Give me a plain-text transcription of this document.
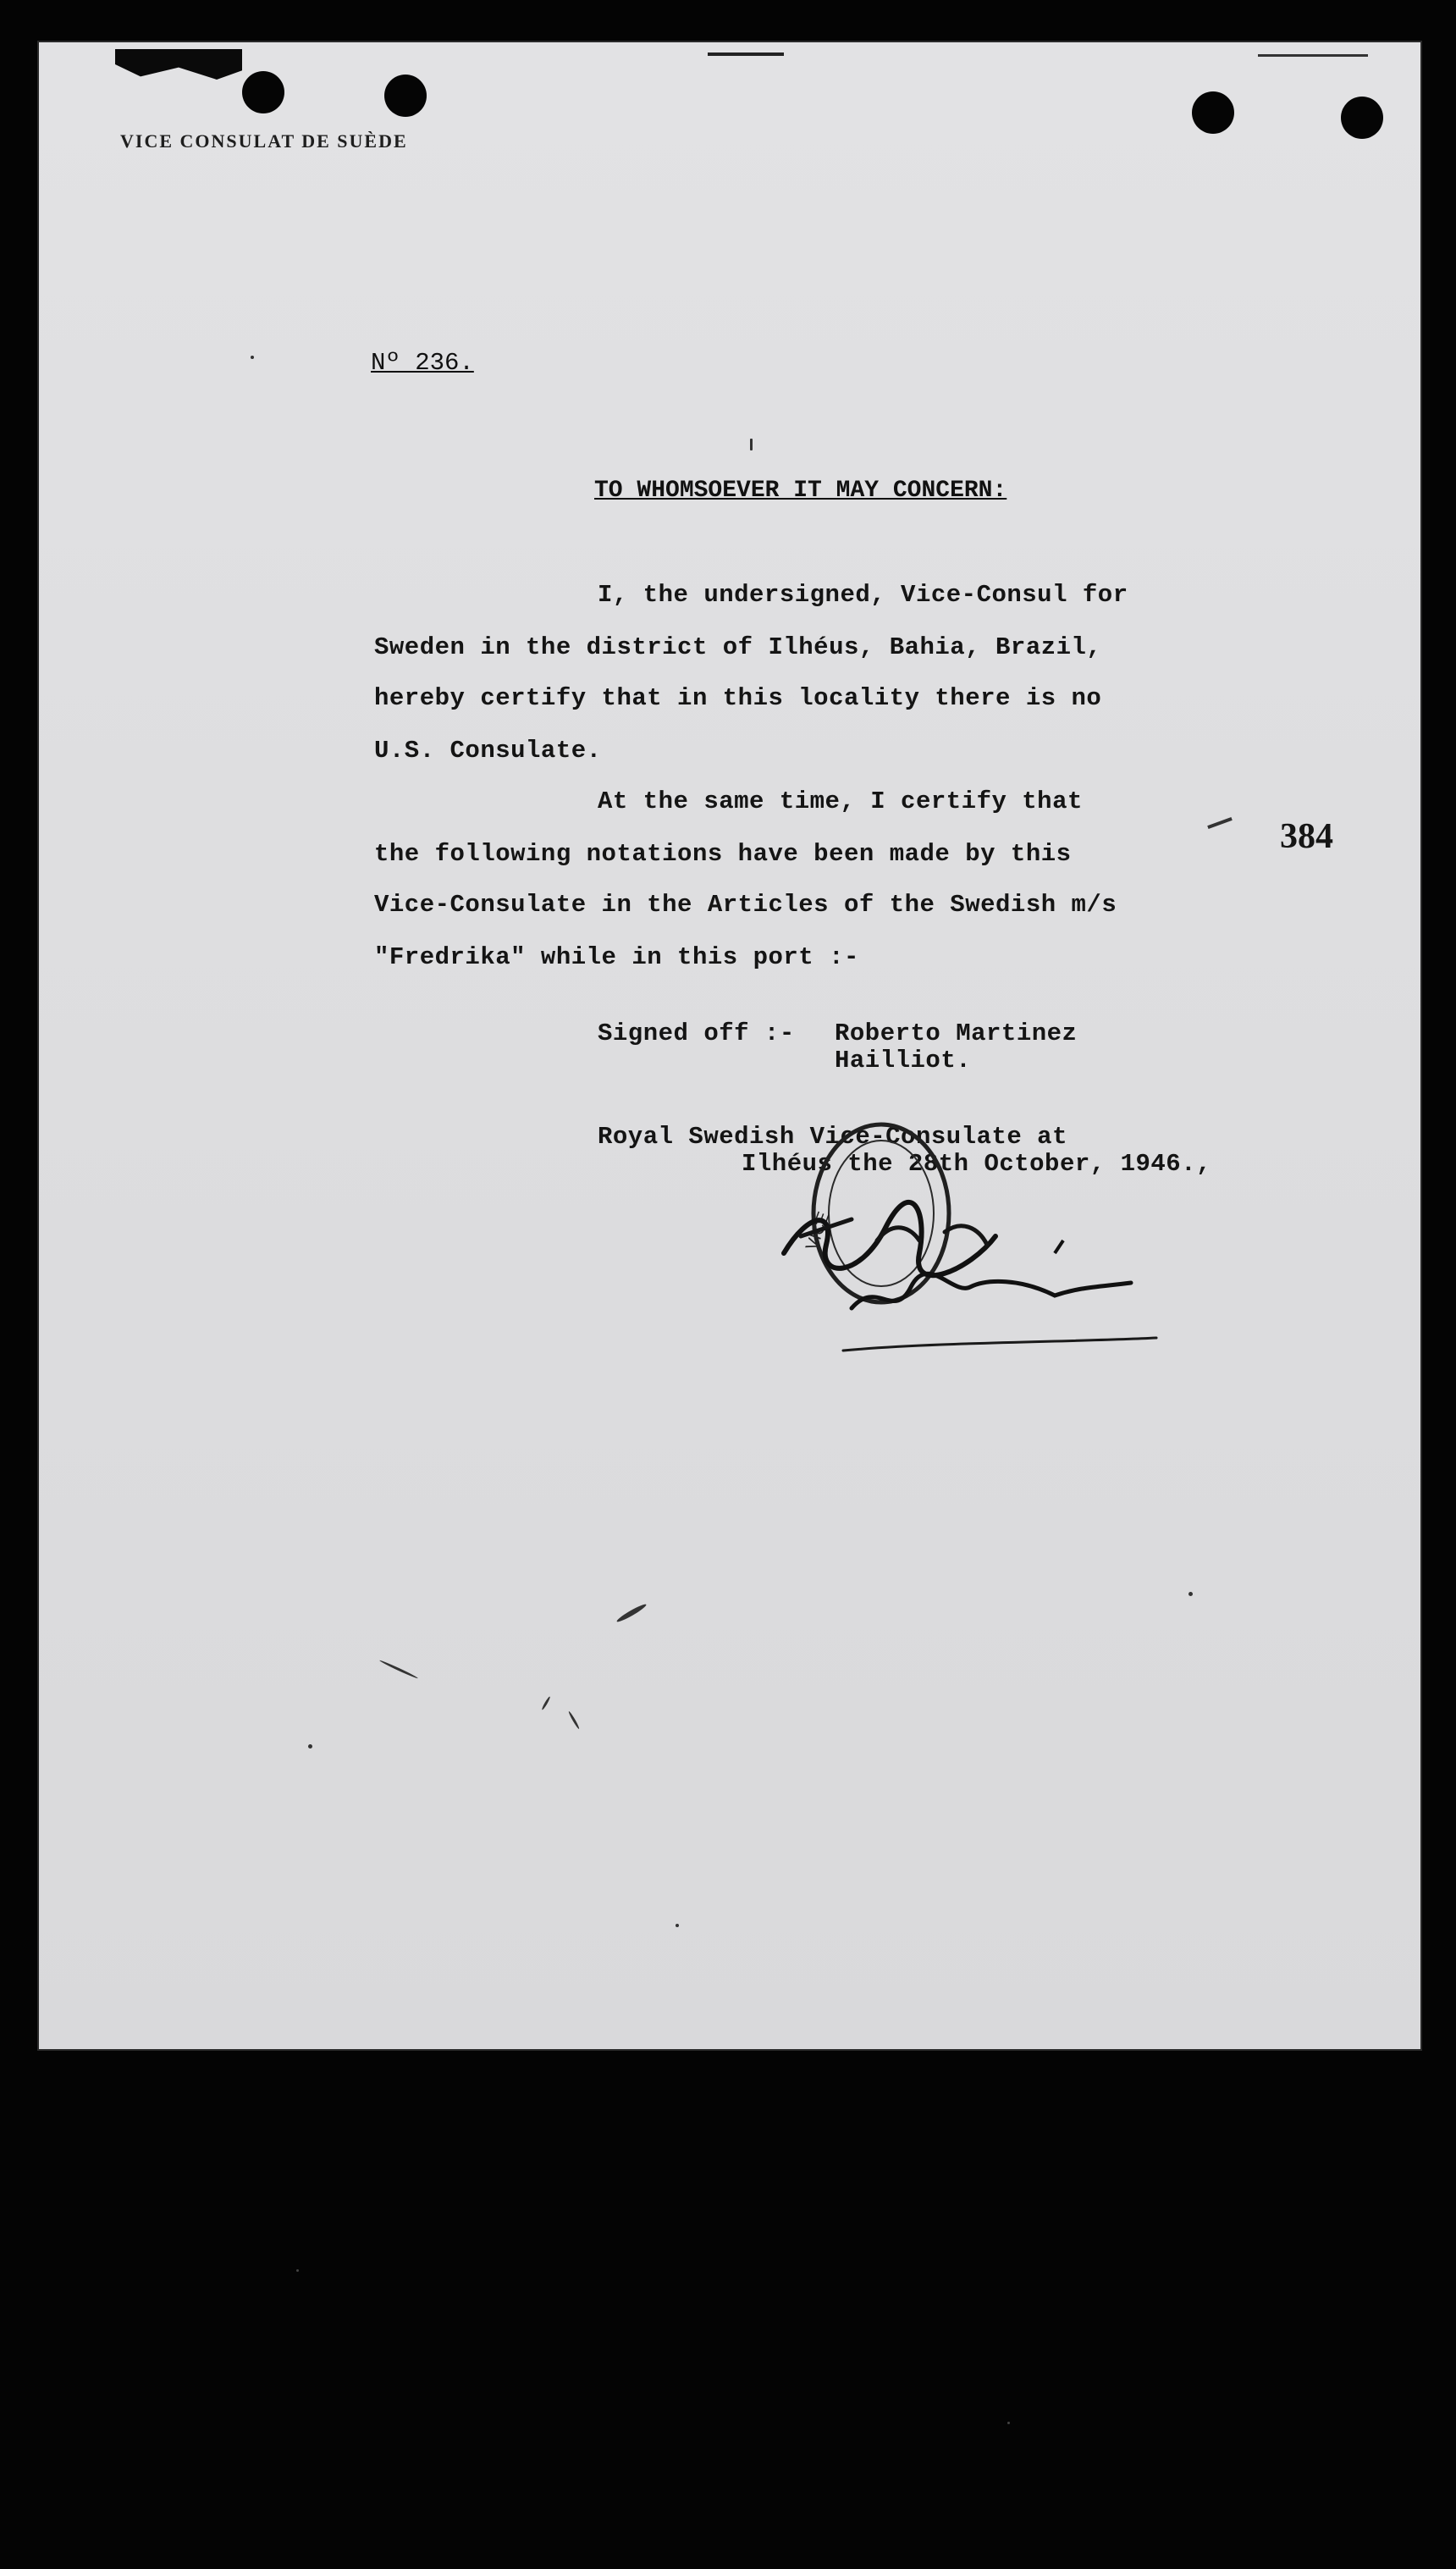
VICE CONSULAT DE SUÈDE
Nº 236.
TO WHOMSOEVER IT MAY CONCERN:
I, the undersigned, Vice-Consul for
Sweden in the district of Ilhéus, Bahia, Brazil,
hereby certify that in this locality there is no
U.S. Consulate.
At the same time, I certify that
the following notations have been made by this
Vice-Consulate in the Articles of the Swedish m/s
"Fredrika" while in this port :-
Signed off :- Roberto Martinez
Hailliot.
Royal Swedish Vice-Consulate at
Ilhéus the 28th October, 1946.,
384
VICE
